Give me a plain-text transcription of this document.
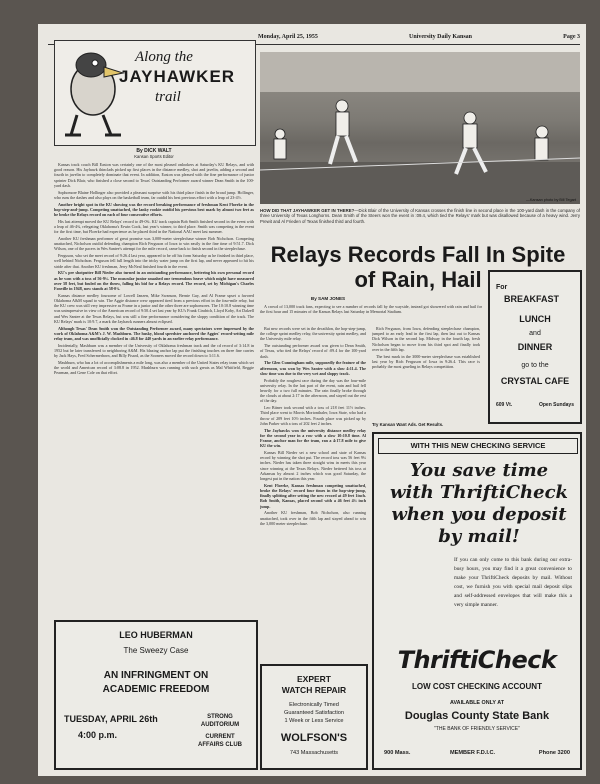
Monday, April 25, 1955	University Daily Kansan	Page 3
Along the
JAYHAWKER
trail
By DICK WALT
Kansan Sports Editor

Kansas track coach Bill Easton was certainly one of the most pleased onlookers at Saturday's KU Relays, and with good reason. His Jayhawk thinclads picked up first places in the distance medley, shot and javelin, adding a second and fourth in javelin to completely dominate that event. In addition, Easton was pleased with the fine performance of junior sprinter Dick Blair, who finished a close second to Texas' Outstanding Performer award winner Dean Smith in the 100-yard dash.

Sophomore Blaine Hollinger also provided a pleasant surprise with his third place finish in the broad jump. Hollinger, who runs the dashes and also plays on the basketball team, far outdid his best previous effort with a leap of 23-4½.

Another bright spot in the KU showing was the record breaking performance of freshman Kent Floerke in the hop-step-and-jump. Competing unattached, the lanky rookie outdid his previous best mark by almost two feet as he broke the Relays record on each of four consecutive efforts.

His last attempt moved the KU Relays' record to 49-0¾. KU track captain Bob Smith finished second in the event with a leap of 46-4¾, relegating Oklahoma's Erwin Cook, last year's winner, to third place. Smith was competing in the event for the first time, but Floerke had experience as he placed third in the National AAU meet last summer.

Another KU freshman performer of great promise was 3,000-meter steeplechase winner Bob Nicholson. Competing unattached, Nicholson outdid defending champion Rich Ferguson of Iowa to win easily in the fine time of 9:51.7. Dick Wilson, one of the pacers in Wes Santee's attempt for the mile record, came back to finish second in the steeplechase.

Ferguson, who set the meet record of 9:26.4 last year, appeared to be off his form Saturday as he finished in third place, well behind Nicholson. Ferguson fell full length into the tricky water jump on the first lap, and never appeared to hit his stride after that. Another KU freshman, Jerry McNeal finished fourth in the event.

KU's pre shotputter Bill Nieder also turned in an outstanding performance, bettering his own personal record as he won with a toss of 56-9¾. The muscular junior smashed one tremendous heave which might have measured over 58 feet, but fouled on the throw, falling his bid for a Relays record. The record, set by Michigan's Charles Fonville in 1948, now stands at 58-0¾.

Kansas distance medley foursome of Lowell Janzen, Mike Swanson, Bernie Guy, and Al Frame upset a favored Oklahoma A&M squad to win. The Aggie distance crew appeared tired from a previous effort in the four-mile relay, but the KU crew was still very impressive as Frame in a junior and the other three are sophomores. The 10:10.8 winning time was unimpressive in view of the American record of 9:50.4 set last year by KU's Frank Cindrich, Lloyd Koby, Art Dalzell and Wes Santee at the Texas Relays, but was still a fine performance considering the sloppy condition of the track. The KU Relays' mark is 10:9.7, a mark the Jayhawk runners almost eclipsed.

Although Texas' Dean Smith won the Outstanding Performer award, many spectators were impressed by the work of Oklahoma A&M's J. W. Mashburn. The husky, blond speedster anchored the Aggies' record-setting mile relay team, and was unofficially clocked in :46.8 for 440 yards in an earlier relay performance.

Incidentally, Mashburn was a member of the University of Oklahoma freshman track and the cd record of 3:14.8 in 1952 but he later transferred to neighboring A&M. His blazing anchor lap put the finishing touches on three fine carries by Jack Hays, Fred Schermerhorn, and Billy Pisard, as the Sooners moved the record down to 3:11.6.

Mashburn, who has a lot of accomplishments a mile long, was also a member of the United States relay team which set the world and American record of 3:08.8 in 1952. Mashburn was running with such greats as Mal Whitfield, Reggie Pearman, and Gene Cole on that effort.

LEO HUBERMAN
The Sweezy Case
AN INFRINGMENT ON
ACADEMIC FREEDOM
TUESDAY, APRIL 26th
4:00 p.m.
STRONG
AUDITORIUM
CURRENT
AFFAIRS CLUB
—Kansan photo by Bill Tegart
HOW DID THAT JAYHAWKER GET IN THERE?—Dick Blair of the University of Kansas crosses the finish line in second place in the 100-yard dash in the company of three University of Texas Longhorns. Dean Smith of the Steers won the event in :09.4, which tied the Relays' mark but was disallowed because of a heavy wind. Jerry Prewit and Al Frieden of Texas finished third and fourth.
Relays Records Fall In Spite of Rain, Hail
By SAM JONES

A crowd of 13,000 track fans, expecting to see a number of records fall by the wayside, instead got showered with rain and hail for the first hour and 15 minutes of the Kansas Relays last Saturday in Memorial Stadium.

But new records were set in the decathlon, the hop-step-jump, the college sprint medley relay, the university sprint medley, and the University mile relay.

The outstanding performer award was given to Dean Smith, of Texas, who tied the Relays' record of :09.4 for the 100-yard dash.

The Glen Cunningham mile, supposedly the feature of the afternoon, was won by Wes Santee with a slow 4:11.4. The slow time was due to the very wet and sloppy track.

Probably the roughest race during the day was the four-mile university relay. In the last part of the event, rain and hail fell heavily for a two full minutes. The rain finally broke through the clouds at about 2:17 in the afternoon, and stayed out the rest of the day.

Leo Bitner took second with a toss of 218 feet 11½ inches. Third place went to Morris Mortonthaler, Iowa State, who had a throw of 209 feet 10½ inches. Fourth place was picked up by John Parker with a toss of 202 feet 2 inches.

The Jayhawks won the university distance medley relay for the second year in a row with a slow 10:10.8 time. Al Frame, anchor man for the team, ran a 4:17.8 mile to give KU the win.

Kansas Bill Nieder set a new school and state of Kansas record by winning the shot put. The record toss was 56 feet 9¾ inches. Nieder has taken three straight wins in meets this year since winning at the Texas Relays. Nieder bettered his toss at Arkansas by almost 2 inches which was good Saturday, the longest put in the nation this year.

Kent Floerke, Kansas freshman competing unattached, broke the Relays' record four times in the hop-step-jump, finally splitting after setting the new record at 49 feet 1inch. Bob Smith, Kansas, placed second with a 46 feet 4¾ inch jump.

Another KU freshman, Bob Nicholson, also running unattached, took over in the fifth lap and stayed ahead to win the 3,000 meter steeplechase.

Rich Ferguson, from Iowa, defending steeplechase champion, jumped to an early lead in the first lap, then last out to Kansas Dick Wilson in the second lap. Midway in the fourth lap, fresh Nicholson began to move from his third spot and finally took over in the fifth lap.

The best mark in the 3000-meter steeplechase was established last year by Rich Ferguson of Iowa in 9:26.4. This race is probably the most grueling in Relays competition.

Try Kansan Want Ads. Get Results.
For
BREAKFAST
LUNCH
and
DINNER
go to the
CRYSTAL CAFE
609 Vt.	Open Sundays
WITH THIS NEW CHECKING SERVICE
You save time
with ThriftiCheck
when you deposit
by mail!
If you can only come to this bank during our extra-busy hours, you may find it a great convenience to make your ThriftiCheck deposits by mail. Without cost, we furnish you with special mail deposit slips and self-addressed envelopes that will make this a very simple manner.
ThriftiCheck
LOW COST CHECKING ACCOUNT
AVAILABLE ONLY AT
Douglas County State Bank
"THE BANK OF FRIENDLY SERVICE"
900 Mass.	MEMBER F.D.I.C.	Phone 3200
EXPERT
WATCH REPAIR
Electronically Timed
Guaranteed Satisfaction
1 Week or Less Service
WOLFSON'S
743 Massachusetts
